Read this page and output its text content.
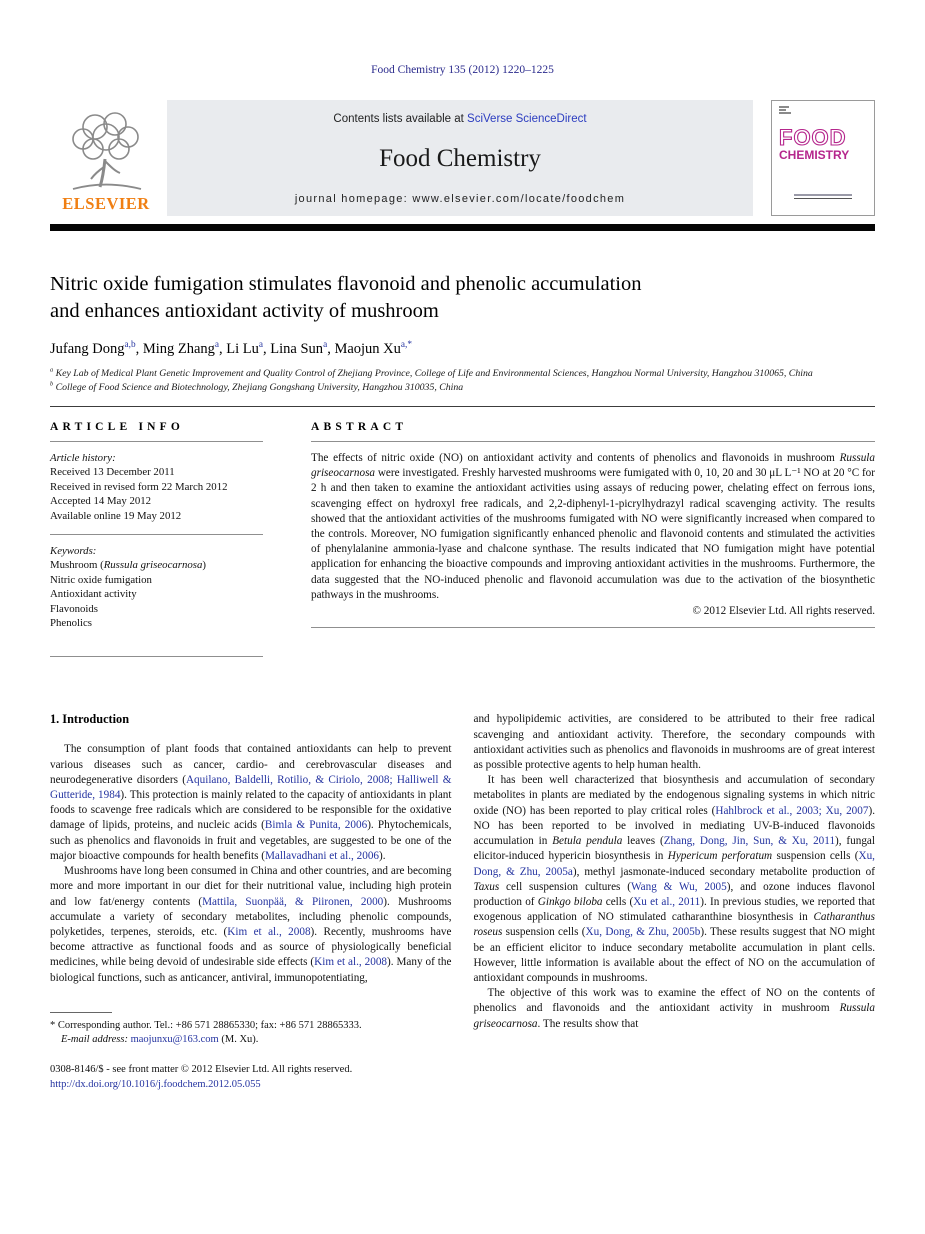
Food Chemistry 135 (2012) 1220–1225
ELSEVIER
Contents lists available at SciVerse ScienceDirect
Food Chemistry
journal homepage: www.elsevier.com/locate/foodchem
FOOD
CHEMISTRY
Nitric oxide fumigation stimulates flavonoid and phenolic accumulation
and enhances antioxidant activity of mushroom
Jufang Dong$^{a,b}$, Ming Zhang$^a$, Li Lu$^a$, Lina Sun$^a$, Maojun $Xu^{a,*}$
$^a$ Key Lab of Medical Plant Genetic Improvement and Quality Control of Zhejiang Province, College of Life and Environmental Sciences, Hangzhou Normal University, Hangzhou 310065, China
$^b$ College of Food Science and Biotechnology, Zhejiang Gongshang University, Hangzhou 310035, China
ARTICLE INFO
Article history:
Received 13 December 2011
Received in revised form 22 March 2012
Accepted 14 May 2012
Available online 19 May 2012
Keywords:
Mushroom (Russula griseocarnosa)
Nitric oxide fumigation
Antioxidant activity
Flavonoids
Phenolics
ABSTRACT

The effects of nitric oxide (NO) on antioxidant activity and contents of phenolics and flavonoids in mushroom Russula griseocarnosa were investigated. Freshly harvested mushrooms were fumigated with 0, 10, 20 and 30 μL L⁻¹ NO at 20 °C for 2 h and then taken to examine the antioxidant activities using assays of reducing power, chelating effect on ferrous ions, scavenging effect on hydroxyl free radicals, and 2,2-diphenyl-1-picrylhydrazyl radical scavenging activity. The results showed that the antioxidant activities of the mushrooms fumigated with NO were significantly increased when compared to the controls. Moreover, NO fumigation significantly enhanced phenolic and flavonoid contents and stimulated the activities of phenylalanine ammonia-lyase and chalcone synthase. The results indicated that NO fumigation might have potential application for enhancing the bioactive compounds and improving antioxidant activities in the mushrooms. Furthermore, the data suggested that the NO-induced phenolic and flavonoid accumulation was due to the activation of the biosynthetic pathways in the mushrooms.

© 2012 Elsevier Ltd. All rights reserved.
1. Introduction

The consumption of plant foods that contained antioxidants can help to prevent various diseases such as cancer, cardio- and cerebrovascular diseases and neurodegenerative disorders (Aquilano, Baldelli, Rotilio, & Ciriolo, 2008; Halliwell & Gutteride, 1984). This protection is mainly related to the capacity of antioxidants in plant foods to scavenge free radicals which are considered to be responsible for the oxidative damage of lipids, proteins, and nucleic acids (Bimla & Punita, 2006). Phytochemicals, such as phenolics and flavonoids in fruit and vegetables, are suggested to be one of the major bioactive compounds for health benefits (Mallavadhani et al., 2006).

Mushrooms have long been consumed in China and other countries, and are becoming more and more important in our diet for their nutritional value, including high protein and low fat/energy contents (Mattila, Suonpää, & Piironen, 2000). Mushrooms accumulate a variety of secondary metabolites, including phenolic compounds, polyketides, terpenes, steroids, etc. (Kim et al., 2008). Recently, mushrooms have become attractive as functional foods and as source of physiologically beneficial medicines, while being devoid of undesirable side effects (Kim et al., 2008). Many of the biological functions, such as anticancer, antiviral, immunopotentiating,

* Corresponding author. Tel.: +86 571 28865330; fax: +86 571 28865333.
E-mail address: maojunxu@163.com (M. Xu).

and hypolipidemic activities, are considered to be attributed to their free radical scavenging and antioxidant activity. Therefore, the secondary compounds with antioxidant activities such as phenolics and flavonoids in mushrooms are of great interest as possible protective agents to help human health.

It has been well characterized that biosynthesis and accumulation of secondary metabolites in plants are mediated by the endogenous signaling systems in which nitric oxide (NO) has been reported to play critical roles (Hahlbrock et al., 2003; Xu, 2007). NO has been reported to be involved in mediating UV-B-induced flavonoids accumulation in Betula pendula leaves (Zhang, Dong, Jin, Sun, & Xu, 2011), fungal elicitor-induced hypericin biosynthesis in Hypericum perforatum suspension cells (Xu, Dong, & Zhu, 2005a), methyl jasmonate-induced secondary metabolite production of Taxus cell suspension cultures (Wang & Wu, 2005), and ozone induces flavonol production of Ginkgo biloba cells (Xu et al., 2011). In previous studies, we reported that exogenous application of NO stimulated catharanthine biosynthesis in Catharanthus roseus suspension cells (Xu, Dong, & Zhu, 2005b). These results suggest that NO might be an efficient elicitor to induce secondary metabolite accumulation in plant cells. However, little information is available about the effect of NO on the accumulation of antioxidant compounds in mushrooms.

The objective of this work was to examine the effect of NO on the contents of phenolics and flavonoids and the antioxidant activity in mushroom Russula griseocarnosa. The results show that

0308-8146/$ - see front matter © 2012 Elsevier Ltd. All rights reserved.
http://dx.doi.org/10.1016/j.foodchem.2012.05.055
